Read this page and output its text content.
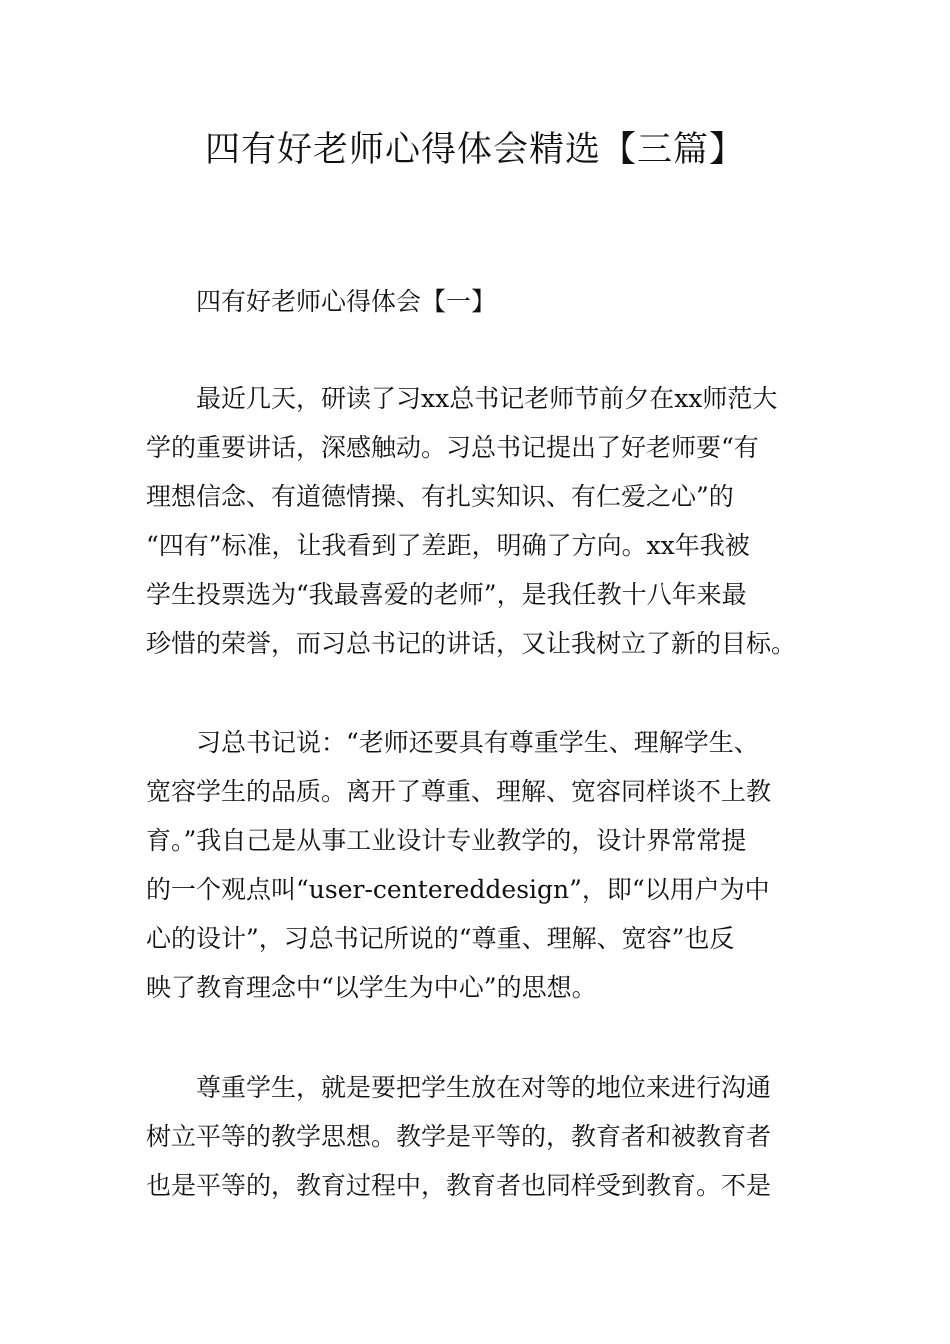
四有好老师心得体会精选【三篇】
四有好老师心得体会【一】

最近几天，研读了习xx总书记老师节前夕在xx师范大

学的重要讲话，深感触动。习总书记提出了好老师要“有

理想信念、有道德情操、有扎实知识、有仁爱之心”的

“四有”标准，让我看到了差距，明确了方向。xx年我被

学生投票选为“我最喜爱的老师”，是我任教十八年来最

珍惜的荣誉，而习总书记的讲话，又让我树立了新的目标。

习总书记说：“老师还要具有尊重学生、理解学生、

宽容学生的品质。离开了尊重、理解、宽容同样谈不上教

育。”我自己是从事工业设计专业教学的，设计界常常提

的一个观点叫“user-centereddesign”，即“以用户为中

心的设计”，习总书记所说的“尊重、理解、宽容”也反

映了教育理念中“以学生为中心”的思想。

尊重学生，就是要把学生放在对等的地位来进行沟通

树立平等的教学思想。教学是平等的，教育者和被教育者

也是平等的，教育过程中，教育者也同样受到教育。不是
